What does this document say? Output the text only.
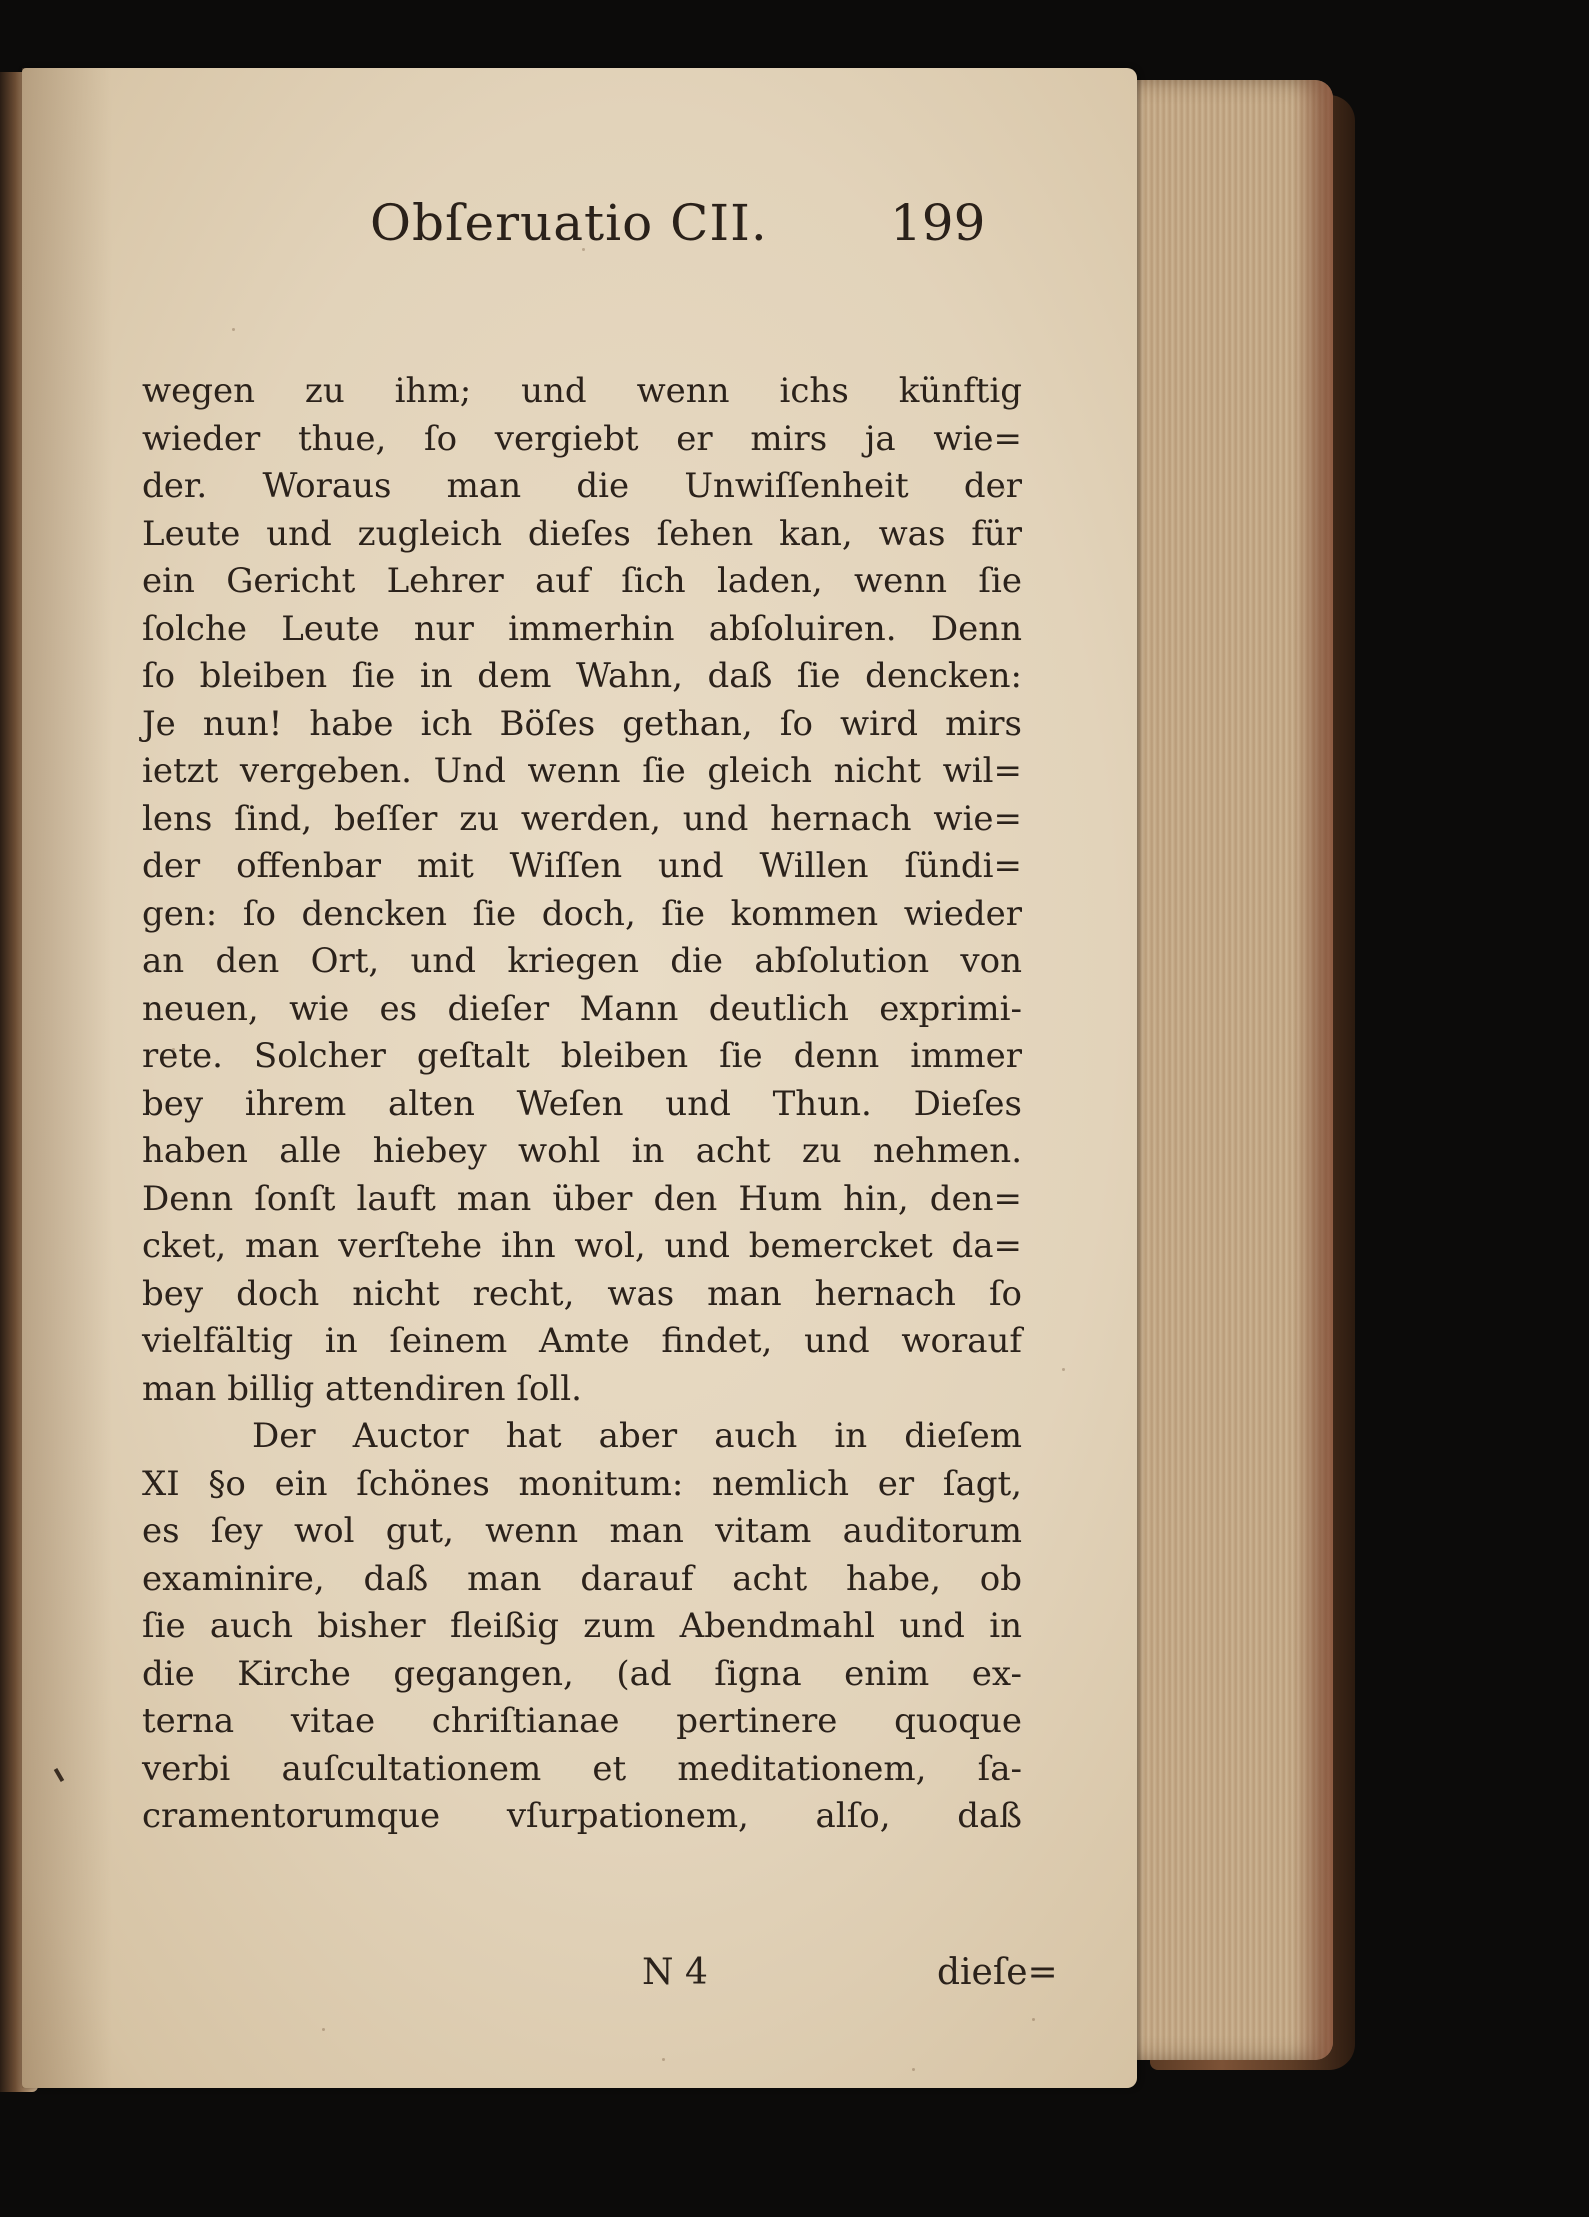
Obſeruatio CII. 199
wegen zu ihm; und wenn ichs künftig
wieder thue, ſo vergiebt er mirs ja wie=
der. Woraus man die Unwiſſenheit der
Leute und zugleich dieſes ſehen kan, was für
ein Gericht Lehrer auf ſich laden, wenn ſie
ſolche Leute nur immerhin abſoluiren. Denn
ſo bleiben ſie in dem Wahn, daß ſie dencken:
Je nun! habe ich Böſes gethan, ſo wird mirs
ietzt vergeben. Und wenn ſie gleich nicht wil=
lens ſind, beſſer zu werden, und hernach wie=
der offenbar mit Wiſſen und Willen ſündi=
gen: ſo dencken ſie doch, ſie kommen wieder
an den Ort, und kriegen die abſolution von
neuen, wie es dieſer Mann deutlich exprimi-
rete. Solcher geſtalt bleiben ſie denn immer
bey ihrem alten Weſen und Thun. Dieſes
haben alle hiebey wohl in acht zu nehmen.
Denn ſonſt lauft man über den Hum hin, den=
cket, man verſtehe ihn wol, und bemercket da=
bey doch nicht recht, was man hernach ſo
vielfältig in ſeinem Amte findet, und worauf
man billig attendiren ſoll.
Der Auctor hat aber auch in dieſem
XI §o ein ſchönes monitum: nemlich er ſagt,
es ſey wol gut, wenn man vitam auditorum
examinire, daß man darauf acht habe, ob
ſie auch bisher fleißig zum Abendmahl und in
die Kirche gegangen, (ad ſigna enim ex-
terna vitae chriſtianae pertinere quoque
verbi auſcultationem et meditationem, ſa-
cramentorumque vſurpationem, alſo, daß
N 4	dieſe=
